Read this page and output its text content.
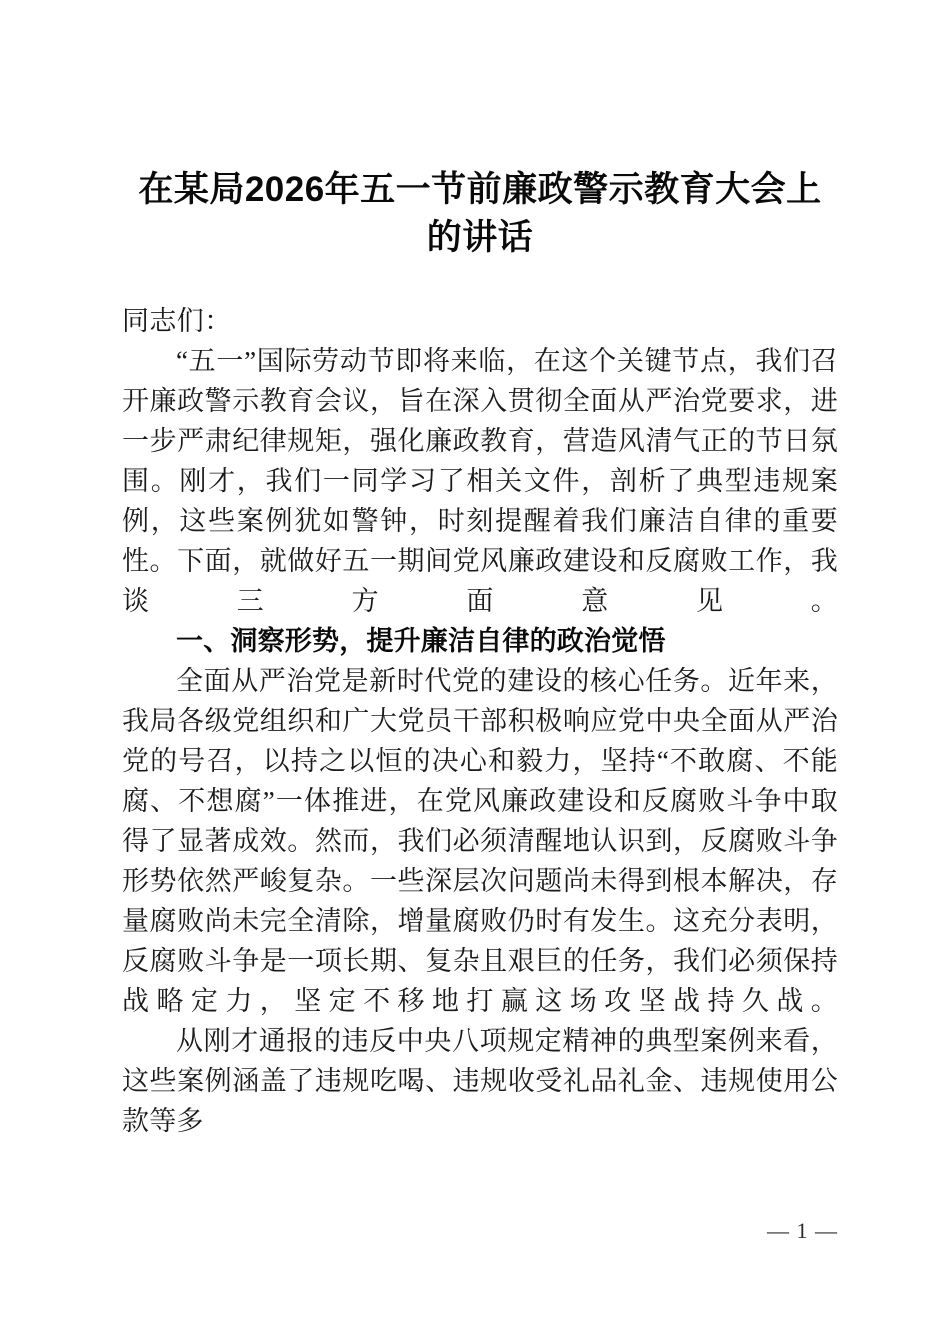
在某局2026年五一节前廉政警示教育大会上的讲话
同志们：

“五一”国际劳动节即将来临，在这个关键节点，我们召开廉政警示教育会议，旨在深入贯彻全面从严治党要求，进一步严肃纪律规矩，强化廉政教育，营造风清气正的节日氛围。刚才，我们一同学习了相关文件，剖析了典型违规案例，这些案例犹如警钟，时刻提醒着我们廉洁自律的重要性。下面，就做好五一期间党风廉政建设和反腐败工作，我谈三方面意见。

一、洞察形势，提升廉洁自律的政治觉悟

全面从严治党是新时代党的建设的核心任务。近年来，我局各级党组织和广大党员干部积极响应党中央全面从严治党的号召，以持之以恒的决心和毅力，坚持“不敢腐、不能腐、不想腐”一体推进，在党风廉政建设和反腐败斗争中取得了显著成效。然而，我们必须清醒地认识到，反腐败斗争形势依然严峻复杂。一些深层次问题尚未得到根本解决，存量腐败尚未完全清除，增量腐败仍时有发生。这充分表明，反腐败斗争是一项长期、复杂且艰巨的任务，我们必须保持战略定力，坚定不移地打赢这场攻坚战持久战。

从刚才通报的违反中央八项规定精神的典型案例来看，这些案例涵盖了违规吃喝、违规收受礼品礼金、违规使用公款等多

— 1 —
